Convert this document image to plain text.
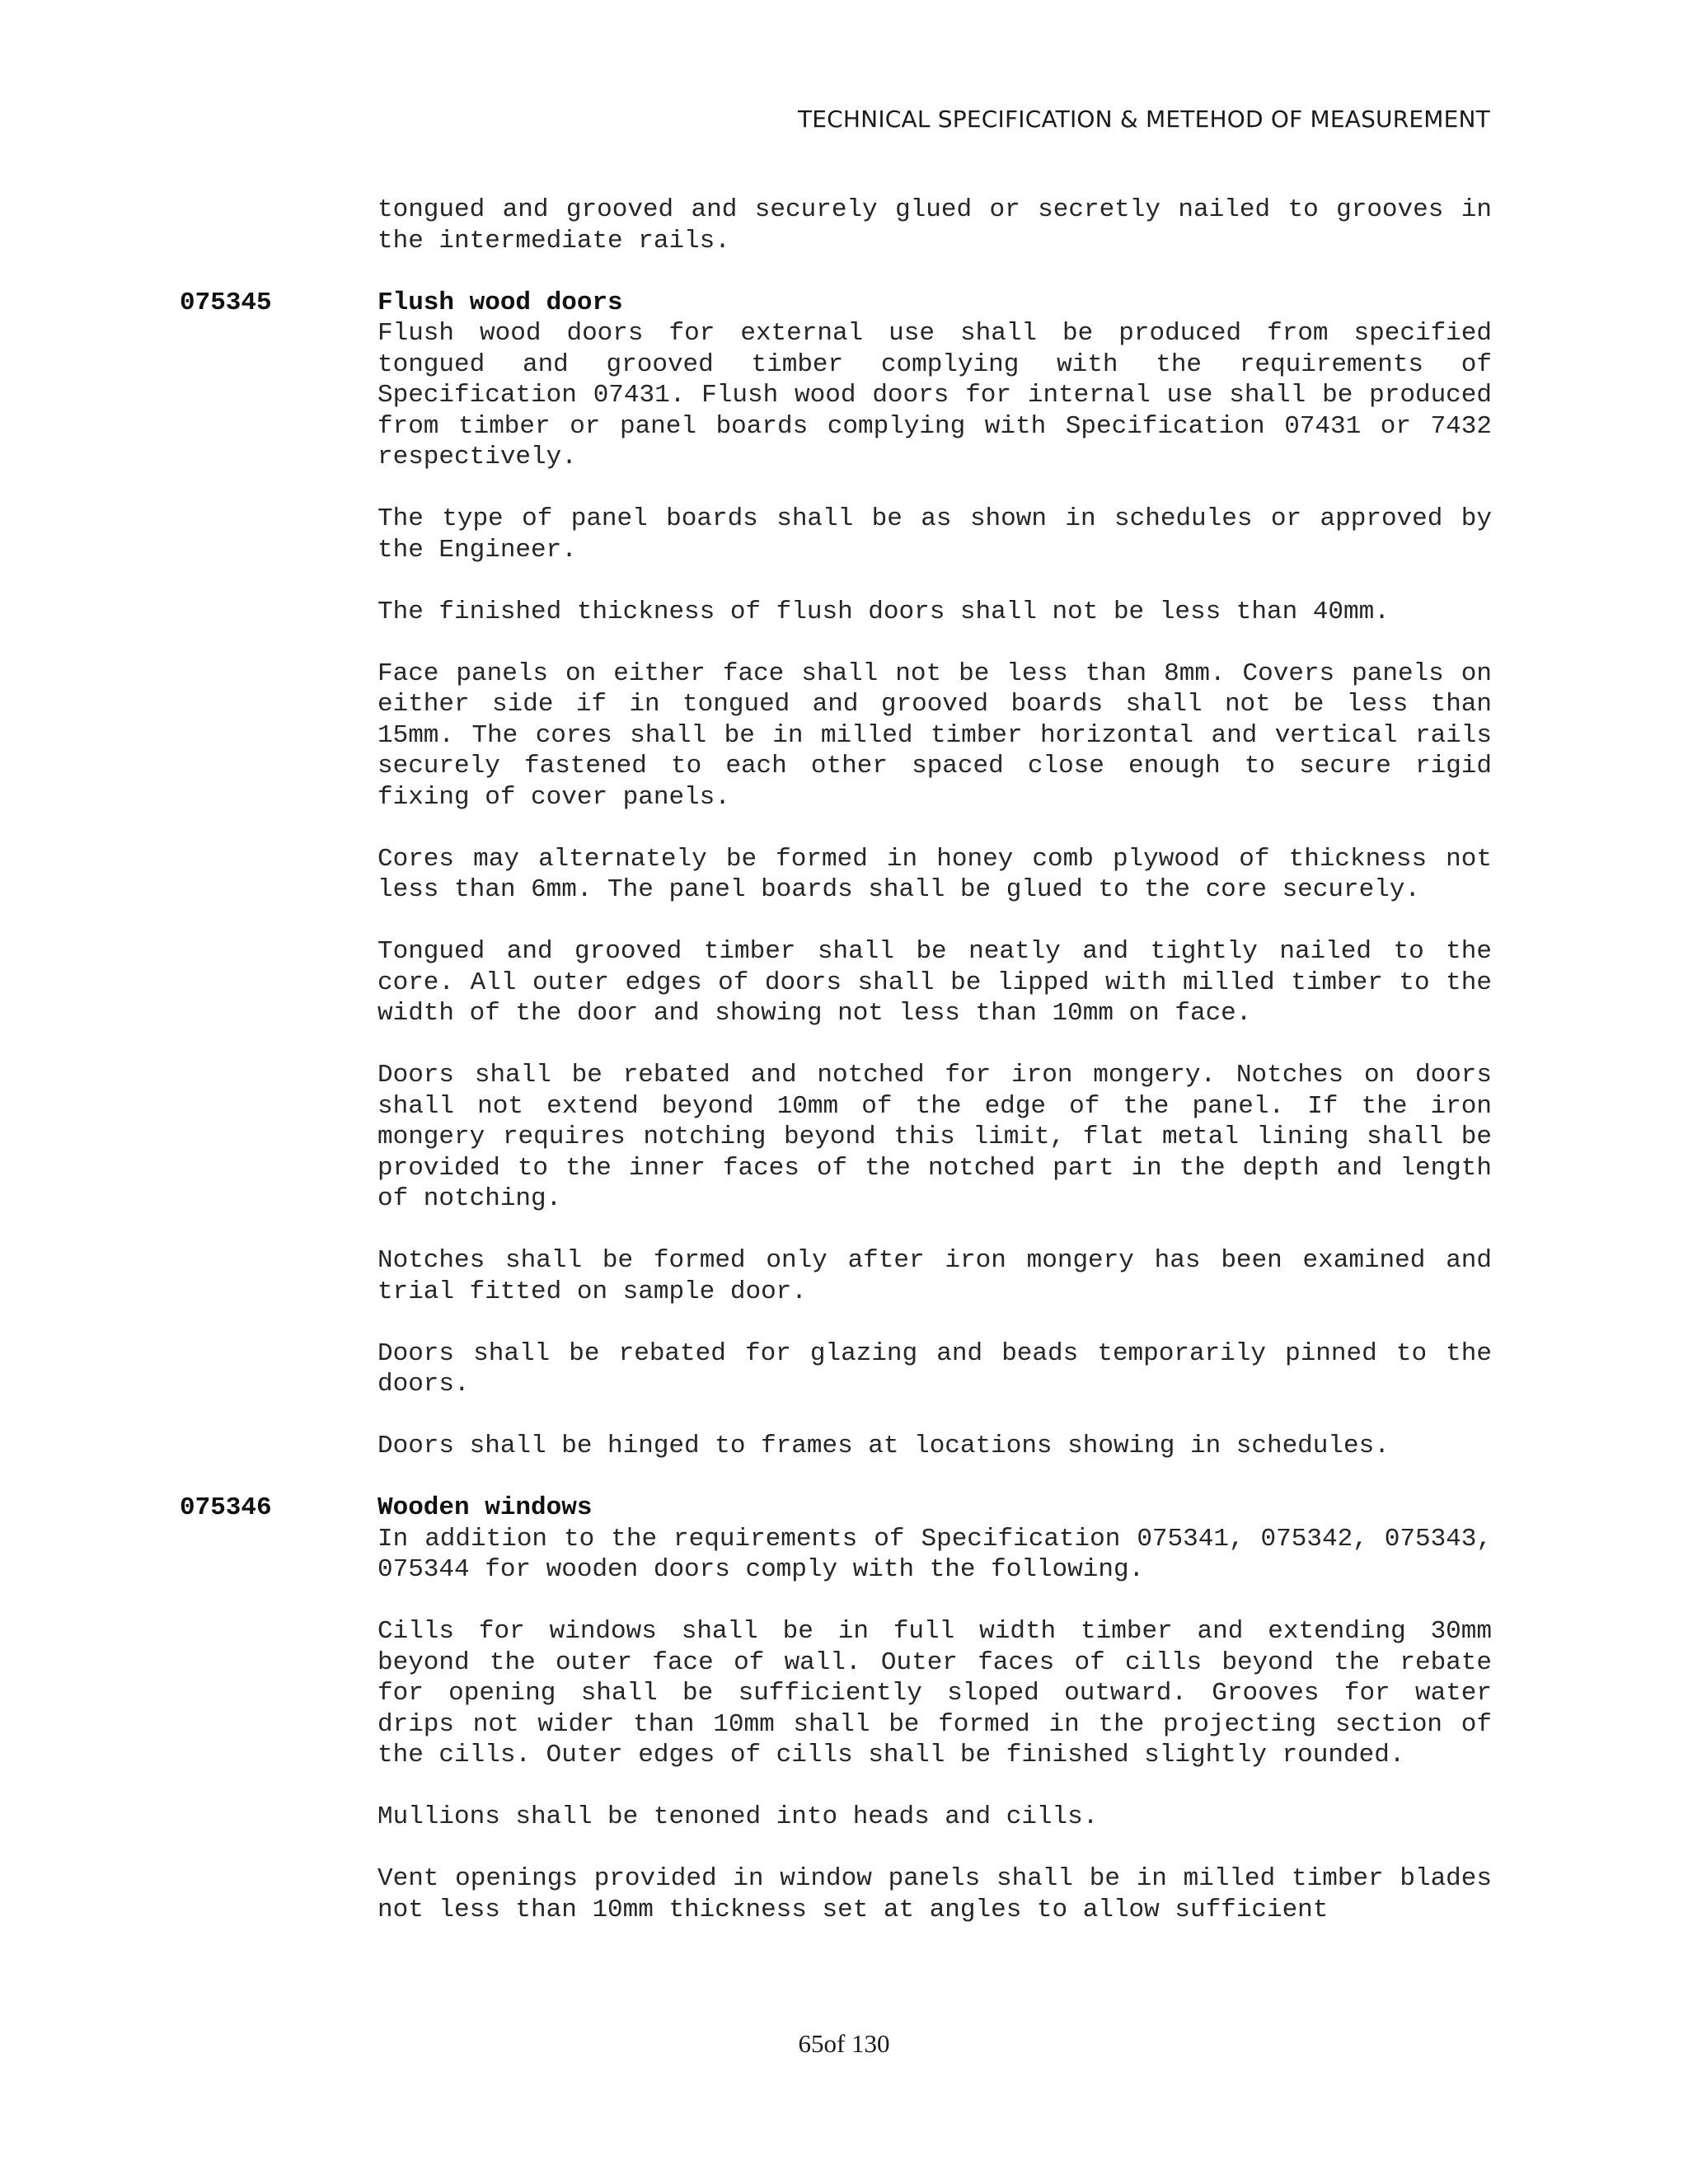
TECHNICAL SPECIFICATION & METEHOD OF MEASUREMENT
tongued and grooved and securely glued or secretly nailed to grooves in the intermediate rails.
075345	Flush wood doors
Flush wood doors for external use shall be produced from specified tongued and grooved timber complying with the requirements of Specification 07431. Flush wood doors for internal use shall be produced from timber or panel boards complying with Specification 07431 or 7432 respectively.
The type of panel boards shall be as shown in schedules or approved by the Engineer.
The finished thickness of flush doors shall not be less than 40mm.
Face panels on either face shall not be less than 8mm. Covers panels on either side if in tongued and grooved boards shall not be less than 15mm. The cores shall be in milled timber horizontal and vertical rails securely fastened to each other spaced close enough to secure rigid fixing of cover panels.
Cores may alternately be formed in honey comb plywood of thickness not less than 6mm. The panel boards shall be glued to the core securely.
Tongued and grooved timber shall be neatly and tightly nailed to the core. All outer edges of doors shall be lipped with milled timber to the width of the door and showing not less than 10mm on face.
Doors shall be rebated and notched for iron mongery. Notches on doors shall not extend beyond 10mm of the edge of the panel. If the iron mongery requires notching beyond this limit, flat metal lining shall be provided to the inner faces of the notched part in the depth and length of notching.
Notches shall be formed only after iron mongery has been examined and trial fitted on sample door.
Doors shall be rebated for glazing and beads temporarily pinned to the doors.
Doors shall be hinged to frames at locations showing in schedules.
075346	Wooden windows
In addition to the requirements of Specification 075341, 075342, 075343, 075344 for wooden doors comply with the following.
Cills for windows shall be in full width timber and extending 30mm beyond the outer face of wall. Outer faces of cills beyond the rebate for opening shall be sufficiently sloped outward. Grooves for water drips not wider than 10mm shall be formed in the projecting section of the cills. Outer edges of cills shall be finished slightly rounded.
Mullions shall be tenoned into heads and cills.
Vent openings provided in window panels shall be in milled timber blades not less than 10mm thickness set at angles to allow sufficient
65of 130
